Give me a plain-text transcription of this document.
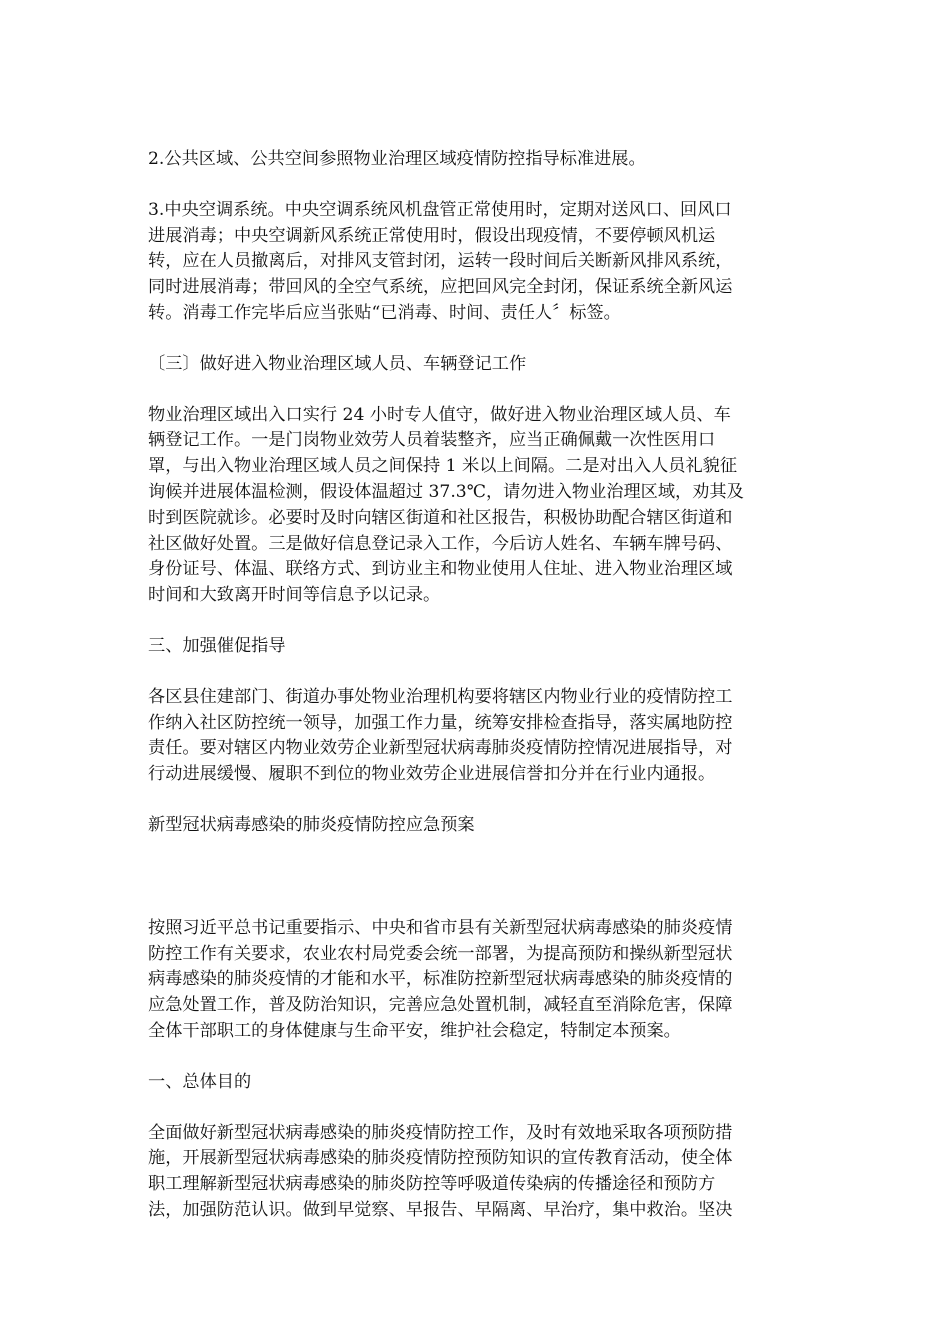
2.公共区域、公共空间参照物业治理区域疫情防控指导标准进展。

3.中央空调系统。中央空调系统风机盘管正常使用时，定期对送风口、回风口
进展消毒；中央空调新风系统正常使用时，假设出现疫情，不要停顿风机运
转，应在人员撤离后，对排风支管封闭，运转一段时间后关断新风排风系统，
同时进展消毒；带回风的全空气系统，应把回风完全封闭，保证系统全新风运
转。消毒工作完毕后应当张贴“已消毒、时间、责任人〞标签。

〔三〕做好进入物业治理区域人员、车辆登记工作

物业治理区域出入口实行 24 小时专人值守，做好进入物业治理区域人员、车
辆登记工作。一是门岗物业效劳人员着装整齐，应当正确佩戴一次性医用口
罩，与出入物业治理区域人员之间保持 1 米以上间隔。二是对出入人员礼貌征
询候并进展体温检测，假设体温超过 37.3℃，请勿进入物业治理区域，劝其及
时到医院就诊。必要时及时向辖区街道和社区报告，积极协助配合辖区街道和
社区做好处置。三是做好信息登记录入工作，今后访人姓名、车辆车牌号码、
身份证号、体温、联络方式、到访业主和物业使用人住址、进入物业治理区域
时间和大致离开时间等信息予以记录。

三、加强催促指导

各区县住建部门、街道办事处物业治理机构要将辖区内物业行业的疫情防控工
作纳入社区防控统一领导，加强工作力量，统筹安排检查指导，落实属地防控
责任。要对辖区内物业效劳企业新型冠状病毒肺炎疫情防控情况进展指导，对
行动进展缓慢、履职不到位的物业效劳企业进展信誉扣分并在行业内通报。

新型冠状病毒感染的肺炎疫情防控应急预案

按照习近平总书记重要指示、中央和省市县有关新型冠状病毒感染的肺炎疫情
防控工作有关要求，农业农村局党委会统一部署，为提高预防和操纵新型冠状
病毒感染的肺炎疫情的才能和水平，标准防控新型冠状病毒感染的肺炎疫情的
应急处置工作，普及防治知识，完善应急处置机制，减轻直至消除危害，保障
全体干部职工的身体健康与生命平安，维护社会稳定，特制定本预案。

一、总体目的

全面做好新型冠状病毒感染的肺炎疫情防控工作，及时有效地采取各项预防措
施，开展新型冠状病毒感染的肺炎疫情防控预防知识的宣传教育活动，使全体
职工理解新型冠状病毒感染的肺炎防控等呼吸道传染病的传播途径和预防方
法，加强防范认识。做到早觉察、早报告、早隔离、早治疗，集中救治。坚决
